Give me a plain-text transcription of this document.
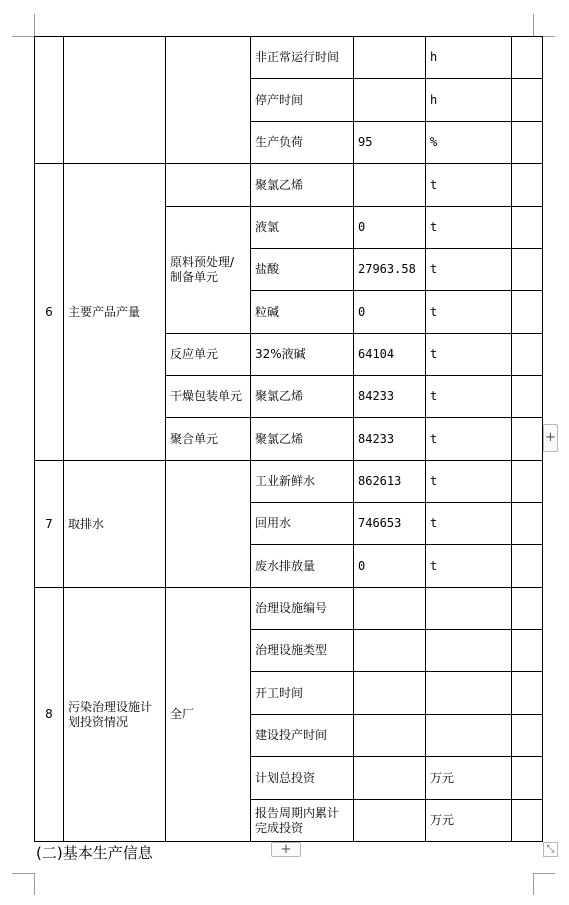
			非正常运行时间		h	
			停产时间		h	
			生产负荷	95	%	
6	主要产品产量		聚氯乙烯		t	
		原料预处理/制备单元	液氯	0	t	
			盐酸	27963.58	t	
			粒碱	0	t	
		反应单元	32%液碱	64104	t	
		干燥包装单元	聚氯乙烯	84233	t	
		聚合单元	聚氯乙烯	84233	t	
7	取排水		工业新鲜水	862613	t	
			回用水	746653	t	
			废水排放量	0	t	
8	污染治理设施计划投资情况	全厂	治理设施编号			
			治理设施类型			
			开工时间			
			建设投产时间			
			计划总投资		万元	
			报告周期内累计完成投资		万元	
+
(二)基本生产信息	+	⤡
